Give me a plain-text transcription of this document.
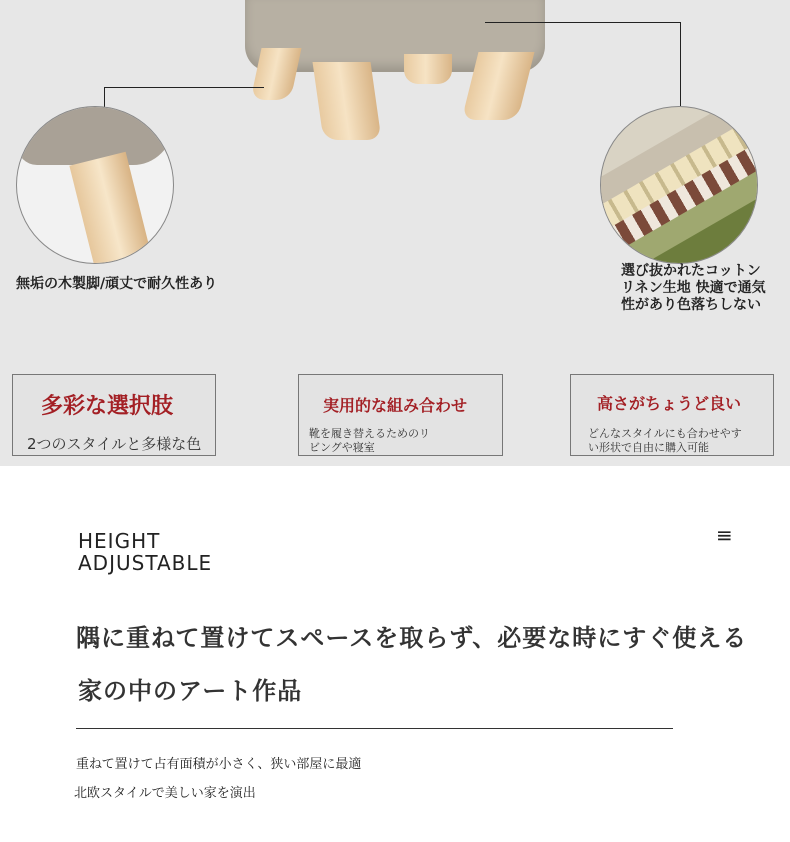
無垢の木製脚/頑丈で耐久性あり
選び抜かれたコットン
リネン生地 快適で通気
性があり色落ちしない
多彩な選択肢
2つのスタイルと多様な色
実用的な組み合わせ
靴を履き替えるためのリ
ビングや寝室
高さがちょうど良い
どんなスタイルにも合わせやす
い形状で自由に購入可能
HEIGHT
ADJUSTABLE
≡
隅に重ねて置けてスペースを取らず、必要な時にすぐ使える
家の中のアート作品
重ねて置けて占有面積が小さく、狭い部屋に最適
北欧スタイルで美しい家を演出
